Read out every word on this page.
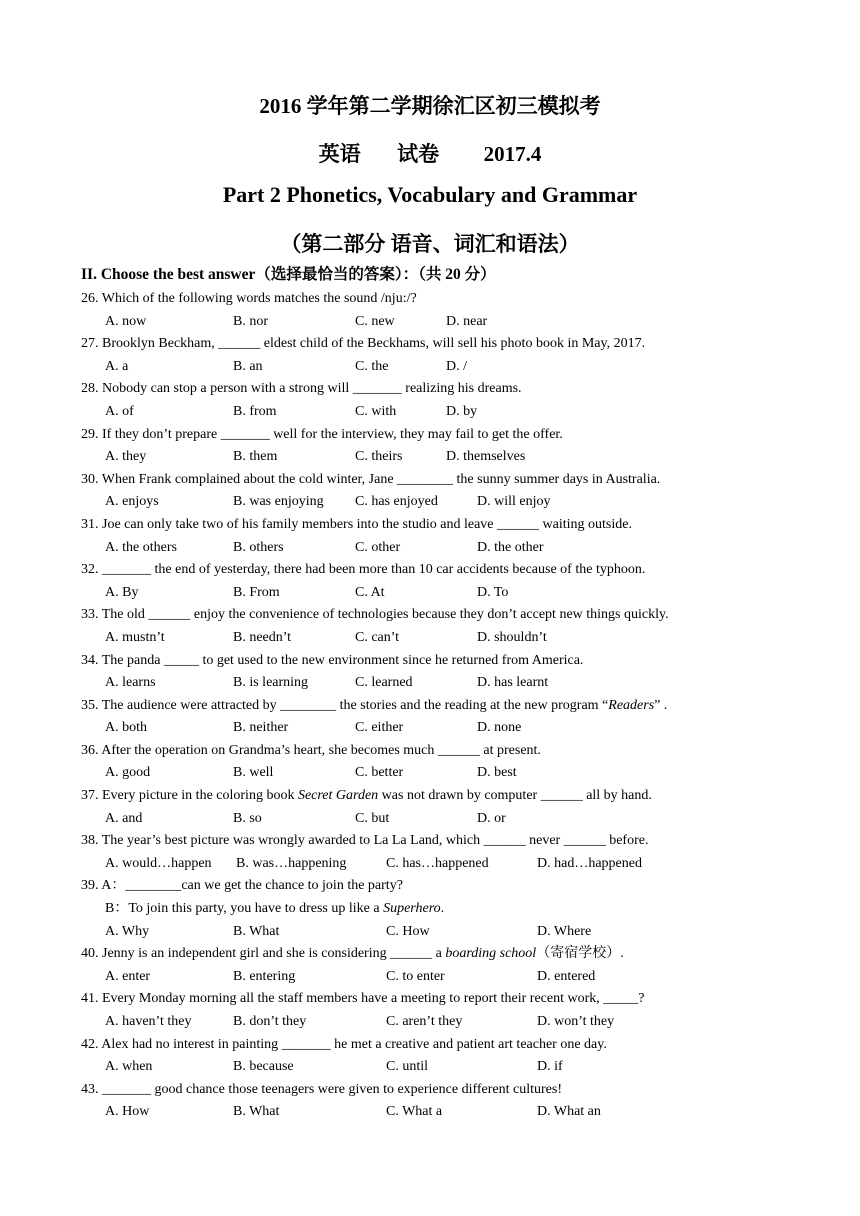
2016 学年第二学期徐汇区初三模拟考
英语 试卷 2017.4
Part 2 Phonetics, Vocabulary and Grammar
（第二部分 语音、词汇和语法）
II. Choose the best answer（选择最恰当的答案）：（共 20 分）
26. Which of the following words matches the sound /nju:/?
A. now	B. nor	C. new	D. near
27. Brooklyn Beckham, ______ eldest child of the Beckhams, will sell his photo book in May, 2017.
A. a	B. an	C. the	D. /
28. Nobody can stop a person with a strong will _______ realizing his dreams.
A. of	B. from	C. with	D. by
29. If they don’t prepare _______ well for the interview, they may fail to get the offer.
A. they	B. them	C. theirs	D. themselves
30. When Frank complained about the cold winter, Jane ________ the sunny summer days in Australia.
A. enjoys	B. was enjoying C. has enjoyed	D. will enjoy
31. Joe can only take two of his family members into the studio and leave ______ waiting outside.
A. the others	B. others	C. other	D. the other
32. _______ the end of yesterday, there had been more than 10 car accidents because of the typhoon.
A. By	B. From	C. At	D. To
33. The old ______ enjoy the convenience of technologies because they don’t accept new things quickly.
A. mustn’t	B. needn’t	C. can’t	D. shouldn’t
34. The panda _____ to get used to the new environment since he returned from America.
A. learns	B. is learning	C. learned	D. has learnt
35. The audience were attracted by ________ the stories and the reading at the new program “Readers” .
A. both	B. neither	C. either	D. none
36. After the operation on Grandma’s heart, she becomes much ______ at present.
A. good	B. well	C. better	D. best
37. Every picture in the coloring book Secret Garden was not drawn by computer ______ all by hand.
A. and	B. so	C. but	D. or
38. The year’s best picture was wrongly awarded to La La Land, which ______ never ______ before.
A. would…happen B. was…happening	C. has…happened	D. had…happened
39. A：________can we get the chance to join the party?
B：To join this party, you have to dress up like a Superhero.
A. Why	B. What	C. How	D. Where
40. Jenny is an independent girl and she is considering ______ a boarding school（寄宿学校）.
A. enter	B. entering	C. to enter	D. entered
41. Every Monday morning all the staff members have a meeting to report their recent work, _____?
A. haven’t they	B. don’t they	C. aren’t they	D. won’t they
42. Alex had no interest in painting _______ he met a creative and patient art teacher one day.
A. when	B. because	C. until	D. if
43. _______ good chance those teenagers were given to experience different cultures!
A. How	B. What	C. What a	D. What an
